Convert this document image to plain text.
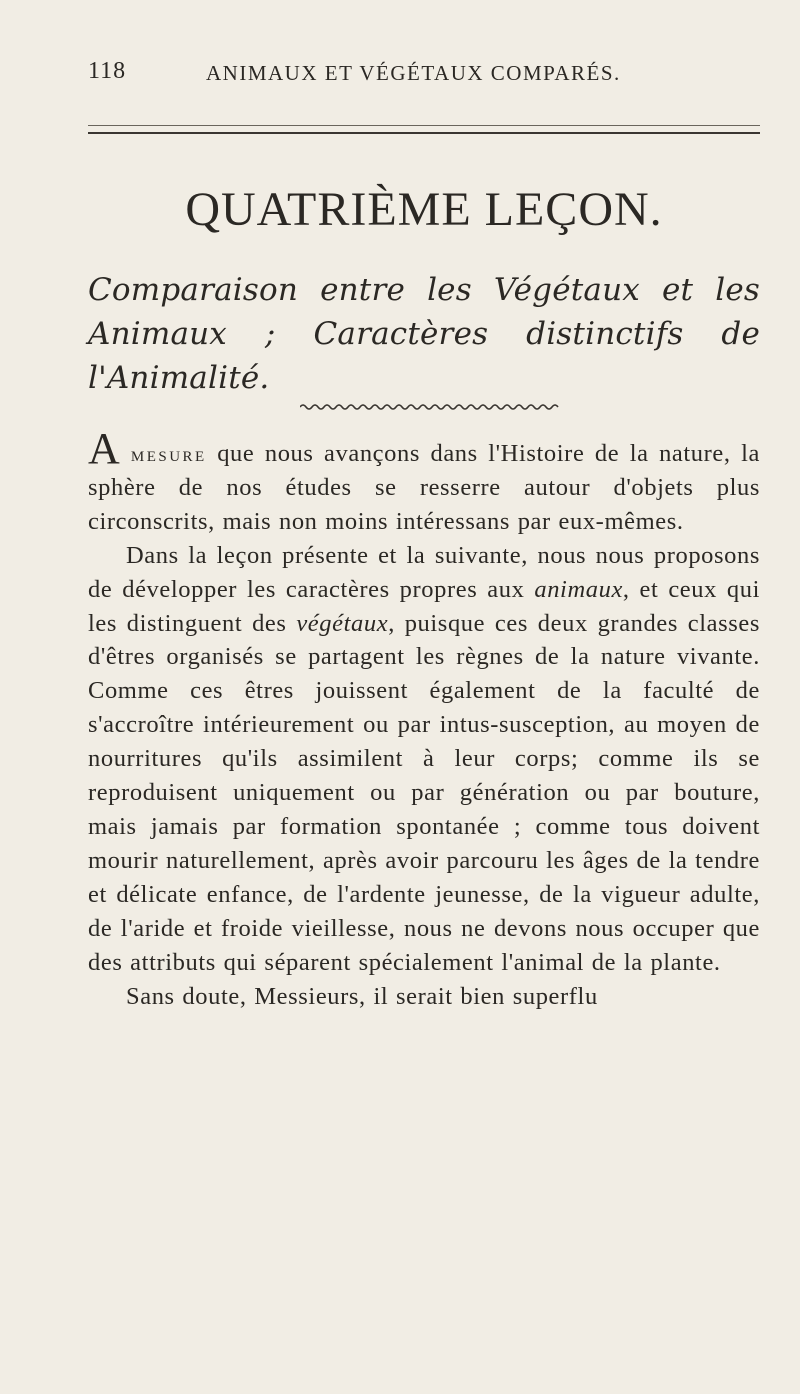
118	ANIMAUX ET VÉGÉTAUX COMPARÉS.
QUATRIÈME LEÇON.

Comparaison entre les Végétaux et les Animaux ; Caractères distinctifs de l'Animalité.

A mesure que nous avançons dans l'Histoire de la nature, la sphère de nos études se resserre autour d'objets plus circonscrits, mais non moins intéressans par eux-mêmes.

Dans la leçon présente et la suivante, nous nous proposons de développer les caractères propres aux animaux, et ceux qui les distinguent des végétaux, puisque ces deux grandes classes d'êtres organisés se partagent les règnes de la nature vivante. Comme ces êtres jouissent également de la faculté de s'accroître intérieurement ou par intus-susception, au moyen de nourritures qu'ils assimilent à leur corps; comme ils se reproduisent uniquement ou par génération ou par bouture, mais jamais par formation spontanée ; comme tous doivent mourir naturellement, après avoir parcouru les âges de la tendre et délicate enfance, de l'ardente jeunesse, de la vigueur adulte, de l'aride et froide vieillesse, nous ne devons nous occuper que des attributs qui séparent spécialement l'animal de la plante.

Sans doute, Messieurs, il serait bien superflu
